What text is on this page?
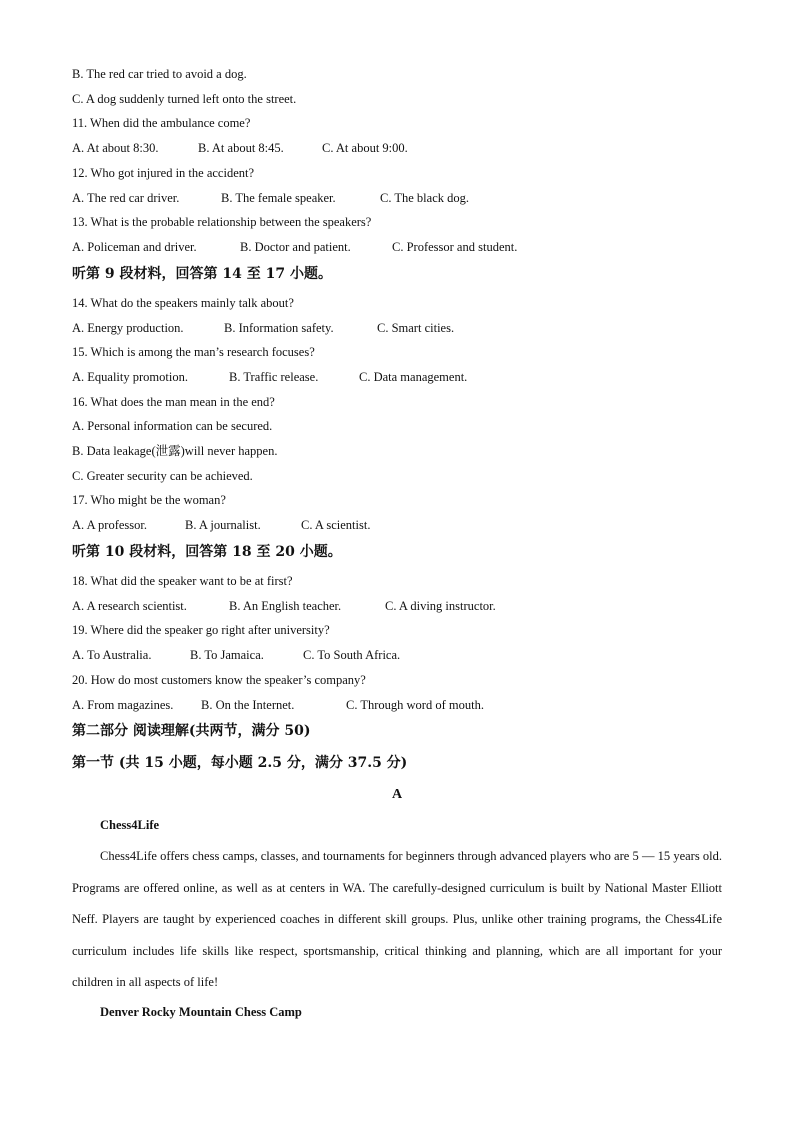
B. The red car tried to avoid a dog.
C. A dog suddenly turned left onto the street.
11. When did the ambulance come?
A. At about 8:30.	B. At about 8:45.	C. At about 9:00.
12. Who got injured in the accident?
A. The red car driver.	B. The female speaker.	C. The black dog.
13. What is the probable relationship between the speakers?
A. Policeman and driver.	B. Doctor and patient.	C. Professor and student.
听第 9 段材料，回答第 14 至 17 小题。
14. What do the speakers mainly talk about?
A. Energy production.	B. Information safety.	C. Smart cities.
15. Which is among the man’s research focuses?
A. Equality promotion.	B. Traffic release.	C. Data management.
16. What does the man mean in the end?
A. Personal information can be secured.
B. Data leakage(泄露)will never happen.
C. Greater security can be achieved.
17. Who might be the woman?
A. A professor.	B. A journalist.	C. A scientist.
听第 10 段材料，回答第 18 至 20 小题。
18. What did the speaker want to be at first?
A. A research scientist.	B. An English teacher.	C. A diving instructor.
19. Where did the speaker go right after university?
A. To Australia.	B. To Jamaica.	C. To South Africa.
20. How do most customers know the speaker’s company?
A. From magazines. B. On the Internet.	C. Through word of mouth.
第二部分 阅读理解(共两节，满分 50)
第一节 (共 15 小题，每小题 2.5 分，满分 37.5 分)
A
Chess4Life
Chess4Life offers chess camps, classes, and tournaments for beginners through advanced players who are 5 — 15 years old. Programs are offered online, as well as at centers in WA. The carefully-designed curriculum is built by National Master Elliott Neff. Players are taught by experienced coaches in different skill groups. Plus, unlike other training programs, the Chess4Life curriculum includes life skills like respect, sportsmanship, critical thinking and planning, which are all important for your children in all aspects of life!
Denver Rocky Mountain Chess Camp
